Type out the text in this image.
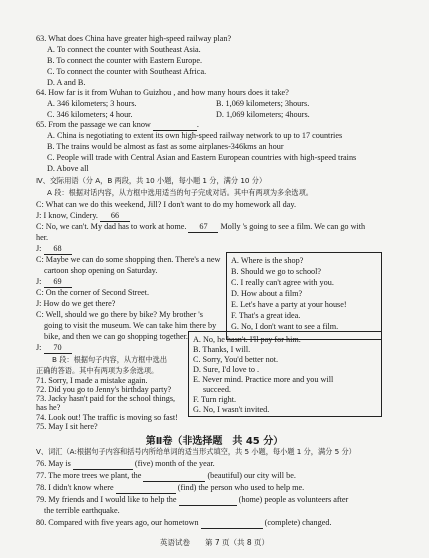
63. What does China have greater high-speed railway plan?
A. To connect the counter with Southeast Asia.
B. To connect the counter with Eastern Europe.
C. To connect the counter with Southeast Africa.
D. A and B.
64. How far is it from Wuhan to Guizhou , and how many hours does it take?
A. 346 kilometers; 3 hours.	B. 1,069 kilometers; 3hours.
C. 346 kilometers; 4 hour.	D. 1,069 kilometers; 4hours.
65. From the passage we can know	.
A. China is negotiating to extent its own high-speed railway network to up to 17 countries
B. The trains would be almost as fast as some airplanes-346kms an hour
C. People will trade with Central Asian and Eastern European countries with high-speed trains
D. Above all
Ⅳ、交际用语（分 A，B 两段，共 10 小题，每小题 1 分，满分 10 分）
A 段：根据对话内容，从方框中选用适当的句子完成对话。其中有两项为多余选项。
C: What can we do this weekend, Jill? I don't want to do my homework all day.
J: I know, Cindery. 66
C: No, we can't. My dad has to work at home. 67 Molly 's going to see a film. We can go with
her.
J: 68
C: Maybe we can do some shopping then. There's a new
cartoon shop opening on Saturday.
J: 69
C: On the corner of Second Street.
J: How do we get there?
C: Well, should we go there by bike? My brother 's
going to visit the museum. We can take him there by
bike, and then we can go shopping together.
J: 70
A. Where is the shop?
B. Should we go to school?
C. I really can't agree with you.
D. How about a film?
E. Let's have a party at your house!
F. That's a great idea.
G. No, I don't want to see a film.
B 段：根据句子内容，从方框中选出
正确的答语。其中有两项为多余选项。
71. Sorry, I made a mistake again.
72. Did you go to Jenny's birthday party?
73. Jacky hasn't paid for the school things,
has he?
A. No, he hasn't. I'll pay for him.
B. Thanks, I will.
C. Sorry, You'd better not.
D. Sure, I'd love to .
E. Never mind. Practice more and you will
succeed.
F. Turn right.
G. No, I wasn't invited.
第Ⅱ卷（非选择题　共 45 分）
Ⅴ、词汇（A:根据句子内容和括号内所给单词的适当形式填空，共 5 小题，每小题 1 分，满分 5 分）
76. May is	(five) month of the year.
77. The more trees we plant, the	(beautiful) our city will be.
78. I didn't know where	(find) the person who used to help me.
79. My friends and I would like to help the	(home) people as volunteers after
the terrible earthquake.
80. Compared with five years ago, our hometown	(complete) changed.
英语试卷　　第 7 页（共 8 页）
74. Look out! The traffic is moving so fast!
75. May I sit here?
